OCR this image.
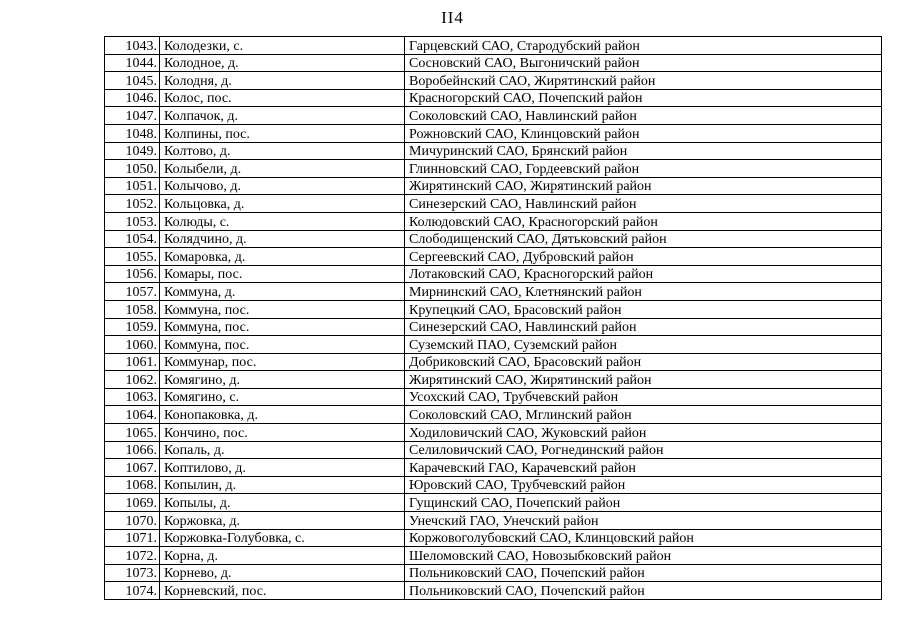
II4
1043.	Колодезки, с.	Гарцевский САО, Стародубский район
1044.	Колодное, д.	Сосновский САО, Выгоничский район
1045.	Колодня, д.	Воробейнский САО, Жирятинский район
1046.	Колос, пос.	Красногорский САО, Почепский район
1047.	Колпачок, д.	Соколовский САО, Навлинский район
1048.	Колпины, пос.	Рожновский САО, Клинцовский район
1049.	Колтово, д.	Мичуринский САО, Брянский район
1050.	Колыбели, д.	Глинновский САО, Гордеевский район
1051.	Колычово, д.	Жирятинский САО, Жирятинский район
1052.	Кольцовка, д.	Синезерский САО, Навлинский район
1053.	Колюды, с.	Колюдовский САО, Красногорский район
1054.	Колядчино, д.	Слободищенский САО, Дятьковский район
1055.	Комаровка, д.	Сергеевский САО, Дубровский район
1056.	Комары, пос.	Лотаковский САО, Красногорский район
1057.	Коммуна, д.	Мирнинский САО, Клетнянский район
1058.	Коммуна, пос.	Крупецкий САО, Брасовский район
1059.	Коммуна, пос.	Синезерский САО, Навлинский район
1060.	Коммуна, пос.	Суземский ПАО, Суземский район
1061.	Коммунар, пос.	Добриковский САО, Брасовский район
1062.	Комягино, д.	Жирятинский САО, Жирятинский район
1063.	Комягино, с.	Усохский САО, Трубчевский район
1064.	Конопаковка, д.	Соколовский САО, Мглинский район
1065.	Кончино, пос.	Ходиловичский САО, Жуковский район
1066.	Копаль, д.	Селиловичский САО, Рогнединский район
1067.	Коптилово, д.	Карачевский ГАО, Карачевский район
1068.	Копылин, д.	Юровский САО, Трубчевский район
1069.	Копылы, д.	Гущинский САО, Почепский район
1070.	Коржовка, д.	Унечский ГАО, Унечский район
1071.	Коржовка-Голубовка, с.	Коржовоголубовский САО, Клинцовский район
1072.	Корна, д.	Шеломовский САО, Новозыбковский район
1073.	Корнево, д.	Польниковский САО, Почепский район
1074.	Корневский, пос.	Польниковский САО, Почепский район
